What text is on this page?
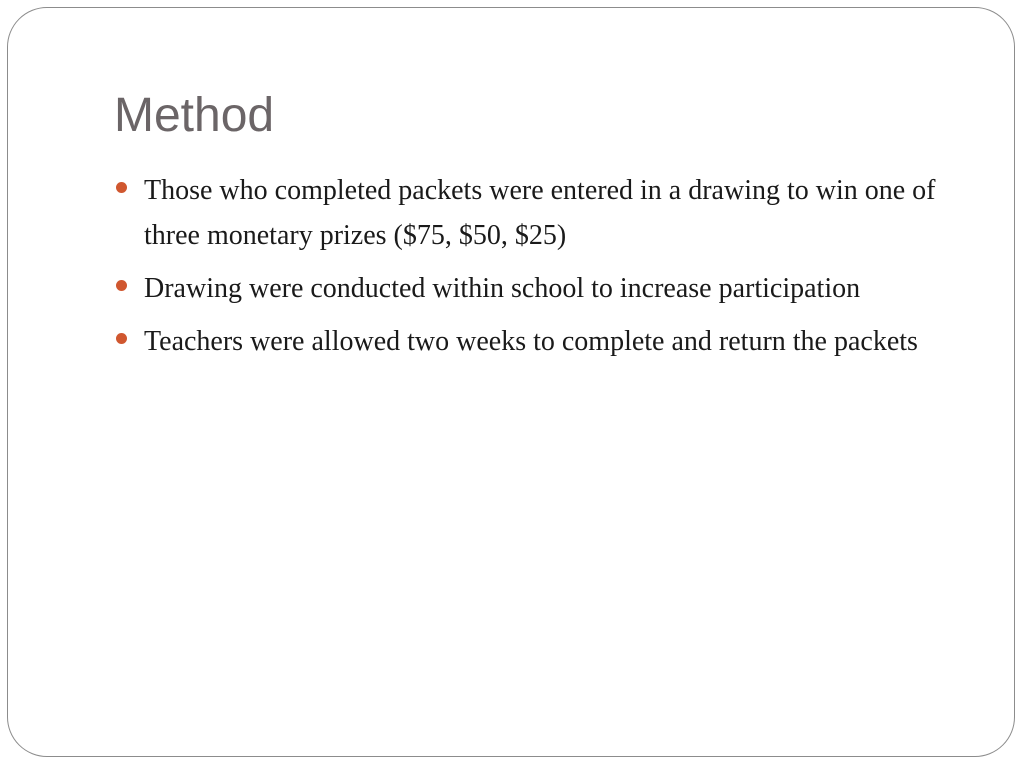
Method
Those who completed packets were entered in a drawing to win one of three monetary prizes ($75, $50, $25)
Drawing were conducted within school to increase participation
Teachers were allowed two weeks to complete and return the packets
